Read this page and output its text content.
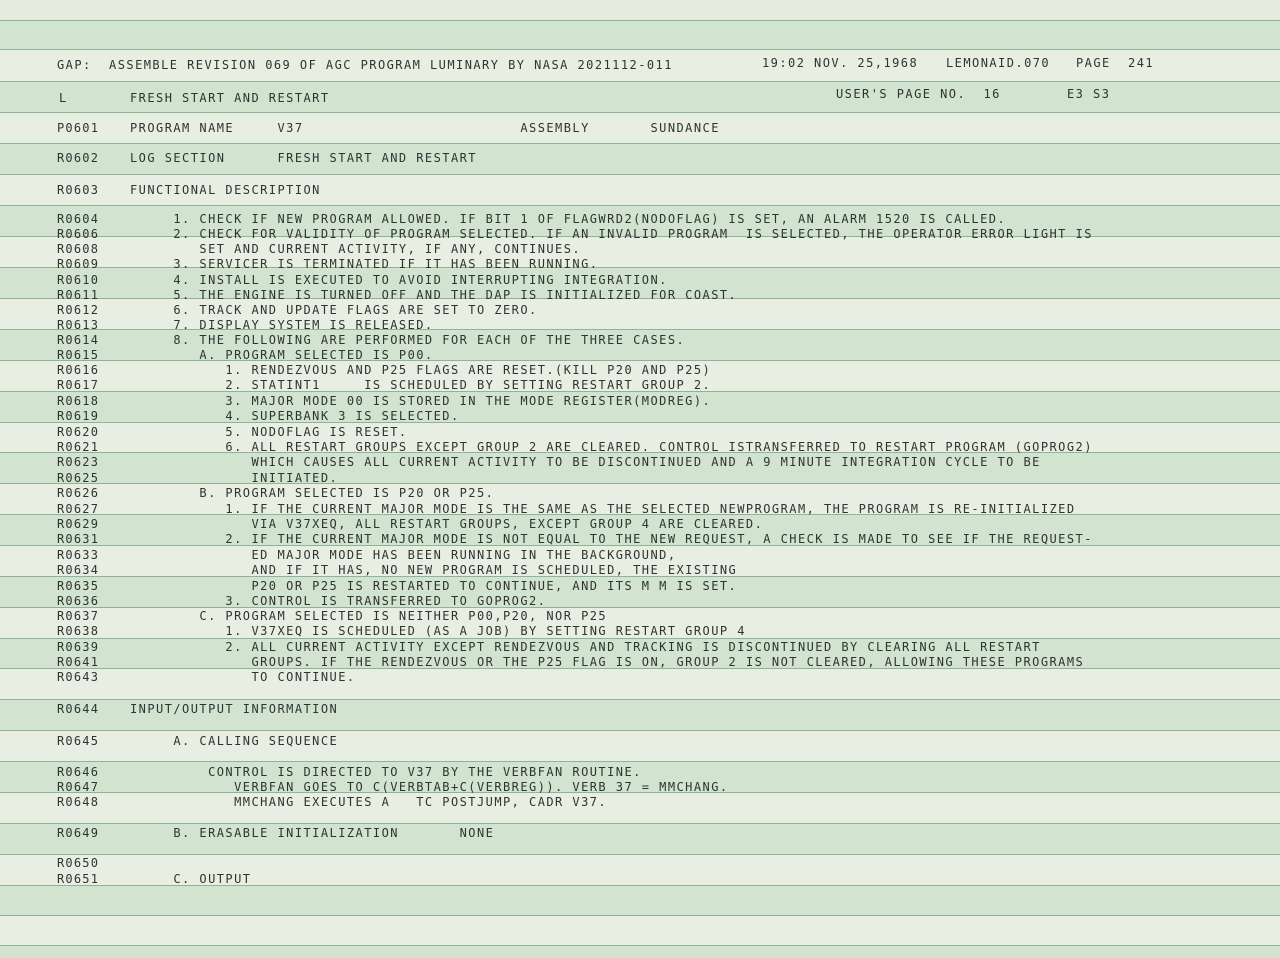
GAP:  ASSEMBLE REVISION 069 OF AGC PROGRAM LUMINARY BY NASA 2021112-011	19:02 NOV. 25,1968 LEMONAID.070 PAGE  241
L	FRESH START AND RESTART	USER'S PAGE NO.  16	E3 S3
P0601	PROGRAM NAME     V37                         ASSEMBLY       SUNDANCE
R0602	LOG SECTION      FRESH START AND RESTART
R0603	FUNCTIONAL DESCRIPTION
R0604	1. CHECK IF NEW PROGRAM ALLOWED. IF BIT 1 OF FLAGWRD2(NODOFLAG) IS SET, AN ALARM 1520 IS CALLED.
R0606	2. CHECK FOR VALIDITY OF PROGRAM SELECTED. IF AN INVALID PROGRAM  IS SELECTED, THE OPERATOR ERROR LIGHT IS
R0608	SET AND CURRENT ACTIVITY, IF ANY, CONTINUES.
R0609	3. SERVICER IS TERMINATED IF IT HAS BEEN RUNNING.
R0610	4. INSTALL IS EXECUTED TO AVOID INTERRUPTING INTEGRATION.
R0611	5. THE ENGINE IS TURNED OFF AND THE DAP IS INITIALIZED FOR COAST.
R0612	6. TRACK AND UPDATE FLAGS ARE SET TO ZERO.
R0613	7. DISPLAY SYSTEM IS RELEASED.
R0614	8. THE FOLLOWING ARE PERFORMED FOR EACH OF THE THREE CASES.
R0615	A. PROGRAM SELECTED IS P00.
R0616	1. RENDEZVOUS AND P25 FLAGS ARE RESET.(KILL P20 AND P25)
R0617	2. STATINT1     IS SCHEDULED BY SETTING RESTART GROUP 2.
R0618	3. MAJOR MODE 00 IS STORED IN THE MODE REGISTER(MODREG).
R0619	4. SUPERBANK 3 IS SELECTED.
R0620	5. NODOFLAG IS RESET.
R0621	6. ALL RESTART GROUPS EXCEPT GROUP 2 ARE CLEARED. CONTROL ISTRANSFERRED TO RESTART PROGRAM (GOPROG2)
R0623	WHICH CAUSES ALL CURRENT ACTIVITY TO BE DISCONTINUED AND A 9 MINUTE INTEGRATION CYCLE TO BE
R0625	INITIATED.
R0626	B. PROGRAM SELECTED IS P20 OR P25.
R0627	1. IF THE CURRENT MAJOR MODE IS THE SAME AS THE SELECTED NEWPROGRAM, THE PROGRAM IS RE-INITIALIZED
R0629	VIA V37XEQ, ALL RESTART GROUPS, EXCEPT GROUP 4 ARE CLEARED.
R0631	2. IF THE CURRENT MAJOR MODE IS NOT EQUAL TO THE NEW REQUEST, A CHECK IS MADE TO SEE IF THE REQUEST-
R0633	ED MAJOR MODE HAS BEEN RUNNING IN THE BACKGROUND,
R0634	AND IF IT HAS, NO NEW PROGRAM IS SCHEDULED, THE EXISTING
R0635	P20 OR P25 IS RESTARTED TO CONTINUE, AND ITS M M IS SET.
R0636	3. CONTROL IS TRANSFERRED TO GOPROG2.
R0637	C. PROGRAM SELECTED IS NEITHER P00,P20, NOR P25
R0638	1. V37XEQ IS SCHEDULED (AS A JOB) BY SETTING RESTART GROUP 4
R0639	2. ALL CURRENT ACTIVITY EXCEPT RENDEZVOUS AND TRACKING IS DISCONTINUED BY CLEARING ALL RESTART
R0641	GROUPS. IF THE RENDEZVOUS OR THE P25 FLAG IS ON, GROUP 2 IS NOT CLEARED, ALLOWING THESE PROGRAMS
R0643	TO CONTINUE.
R0644	INPUT/OUTPUT INFORMATION
R0645	A. CALLING SEQUENCE
R0646	CONTROL IS DIRECTED TO V37 BY THE VERBFAN ROUTINE.
R0647	VERBFAN GOES TO C(VERBTAB+C(VERBREG)). VERB 37 = MMCHANG.
R0648	MMCHANG EXECUTES A   TC POSTJUMP, CADR V37.
R0649	B. ERASABLE INITIALIZATION       NONE
R0650
R0651	C. OUTPUT
